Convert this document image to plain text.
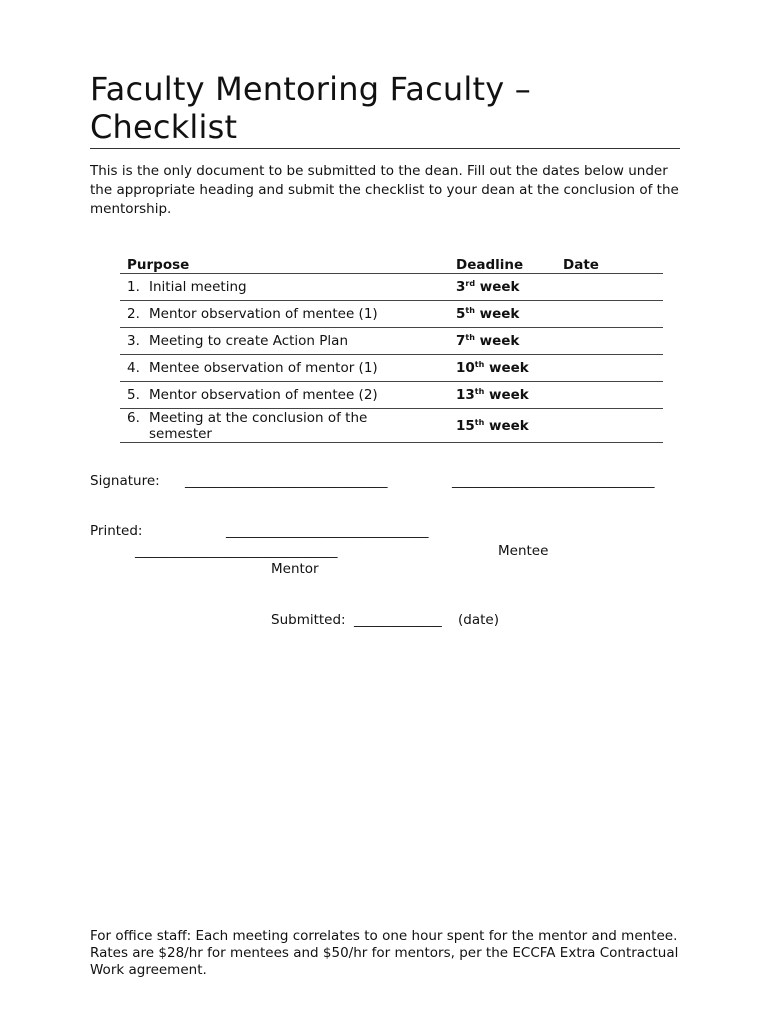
Faculty Mentoring Faculty – Checklist

This is the only document to be submitted to the dean. Fill out the dates below under the appropriate heading and submit the checklist to your dean at the conclusion of the mentorship.

Purpose	Deadline	Date
1. Initial meeting	3rd week	
2. Mentor observation of mentee (1)	5th week	
3. Meeting to create Action Plan	7th week	
4. Mentee observation of mentor (1)	10th week	
5. Mentor observation of mentee (2)	13th week	
6. Meeting at the conclusion of the semester	15th week	
Signature: ______________________________	______________________________
Printed:	______________________________
______________________________	Mentee
Mentor
Submitted: _____________ (date)

For office staff: Each meeting correlates to one hour spent for the mentor and mentee. Rates are $28/hr for mentees and $50/hr for mentors, per the ECCFA Extra Contractual Work agreement.
